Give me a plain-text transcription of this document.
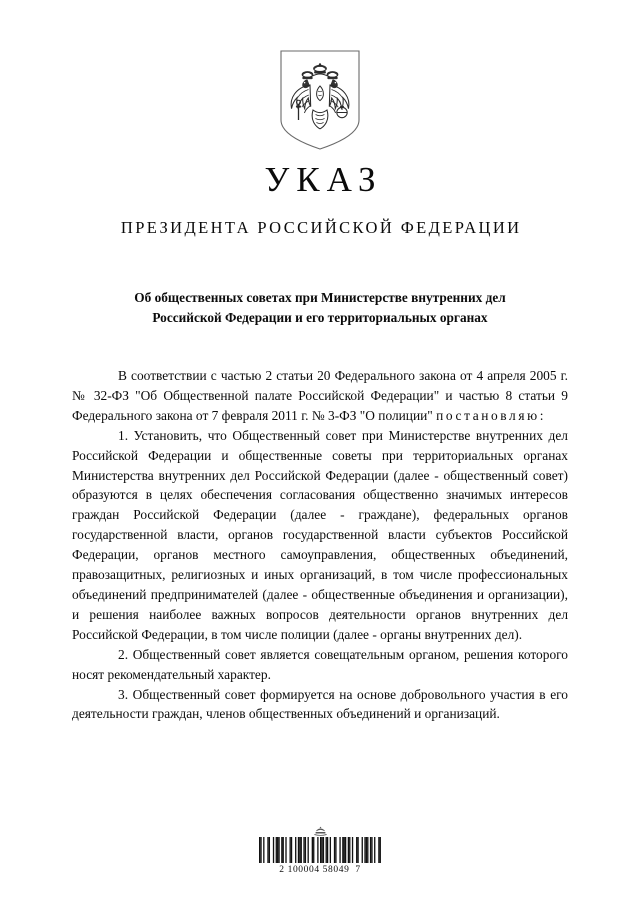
УКАЗ
ПРЕЗИДЕНТА РОССИЙСКОЙ ФЕДЕРАЦИИ
Об общественных советах при Министерстве внутренних дел
Российской Федерации и его территориальных органах

В соответствии с частью 2 статьи 20 Федерального закона от 4 апреля 2005 г. № 32-ФЗ "Об Общественной палате Российской Федерации" и частью 8 статьи 9 Федерального закона от 7 февраля 2011 г. № 3-ФЗ "О полиции" постановляю:

1. Установить, что Общественный совет при Министерстве внутренних дел Российской Федерации и общественные советы при территориальных органах Министерства внутренних дел Российской Федерации (далее - общественный совет) образуются в целях обеспечения согласования общественно значимых интересов граждан Российской Федерации (далее - граждане), федеральных органов государственной власти, органов государственной власти субъектов Российской Федерации, органов местного самоуправления, общественных объединений, правозащитных, религиозных и иных организаций, в том числе профессиональных объединений предпринимателей (далее - общественные объединения и организации), и решения наиболее важных вопросов деятельности органов внутренних дел Российской Федерации, в том числе полиции (далее - органы внутренних дел).

2. Общественный совет является совещательным органом, решения которого носят рекомендательный характер.

3. Общественный совет формируется на основе добровольного участия в его деятельности граждан, членов общественных объединений и организаций.

2 100004 58049  7
